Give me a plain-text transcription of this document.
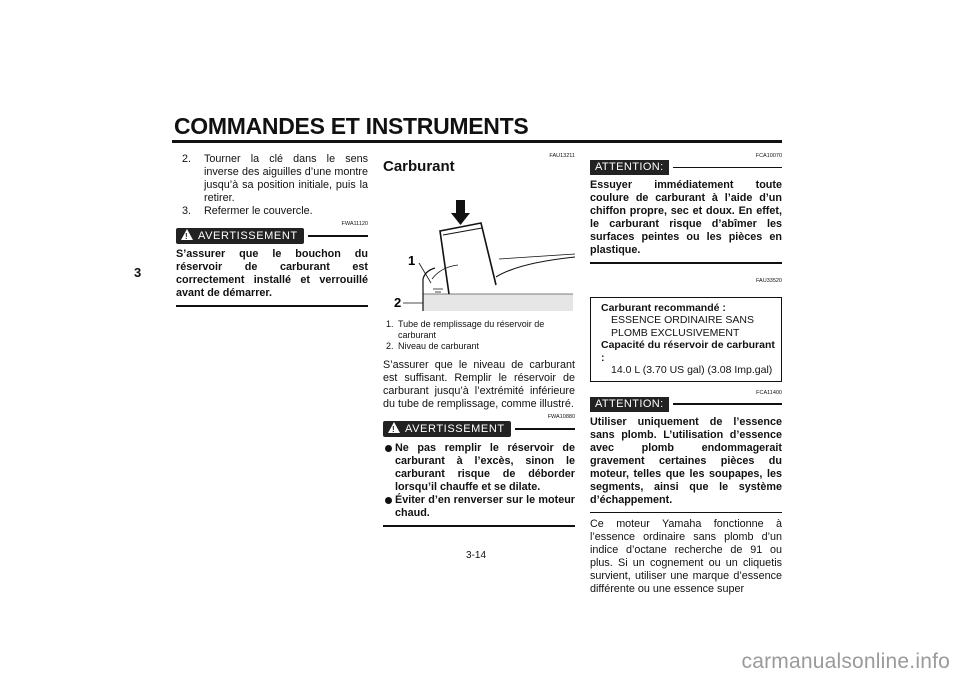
COMMANDES ET INSTRUMENTS
3
2. Tourner la clé dans le sens inverse des aiguilles d’une montre jusqu’à sa position initiale, puis la retirer.
3. Refermer le couvercle.
FWA11120
! AVERTISSEMENT
S’assurer que le bouchon du réservoir de carburant est correctement installé et verrouillé avant de démarrer.
FAU13211
Carburant
1
2
1. Tube de remplissage du réservoir de carburant
2. Niveau de carburant
S’assurer que le niveau de carburant est suffisant. Remplir le réservoir de carburant jusqu’à l’extrémité inférieure du tube de remplissage, comme illustré.
FWA10880
! AVERTISSEMENT
Ne pas remplir le réservoir de carburant à l’excès, sinon le carburant risque de déborder lorsqu’il chauffe et se dilate.
Éviter d’en renverser sur le moteur chaud.
FCA10070
ATTENTION:
Essuyer immédiatement toute coulure de carburant à l’aide d’un chiffon propre, sec et doux. En effet, le carburant risque d’abîmer les surfaces peintes ou les pièces en plastique.
FAU33520
Carburant recommandé :
ESSENCE ORDINAIRE SANS
PLOMB EXCLUSIVEMENT
Capacité du réservoir de carburant :
14.0 L (3.70 US gal) (3.08 Imp.gal)
FCA11400
ATTENTION:
Utiliser uniquement de l’essence sans plomb. L’utilisation d’essence avec plomb endommagerait gravement certaines pièces du moteur, telles que les soupapes, les segments, ainsi que le système d’échappement.
Ce moteur Yamaha fonctionne à l’essence ordinaire sans plomb d’un indice d’octane recherche de 91 ou plus. Si un cognement ou un cliquetis survient, utiliser une marque d’essence différente ou une essence super
3-14
carmanualsonline.info
